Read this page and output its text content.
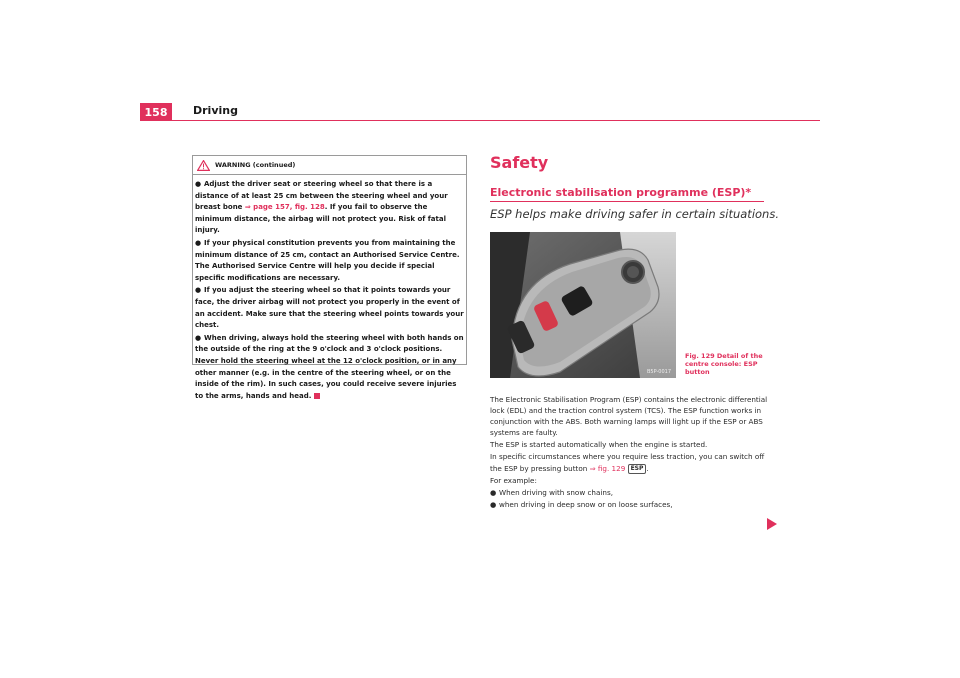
158	Driving
WARNING (continued)

● Adjust the driver seat or steering wheel so that there is a distance of at least 25 cm between the steering wheel and your breast bone ⇒ page 157, fig. 128. If you fail to observe the minimum distance, the airbag will not protect you. Risk of fatal injury.

● If your physical constitution prevents you from maintaining the minimum distance of 25 cm, contact an Authorised Service Centre. The Authorised Service Centre will help you decide if special specific modifications are necessary.

● If you adjust the steering wheel so that it points towards your face, the driver airbag will not protect you properly in the event of an accident. Make sure that the steering wheel points towards your chest.

● When driving, always hold the steering wheel with both hands on the outside of the ring at the 9 o'clock and 3 o'clock positions. Never hold the steering wheel at the 12 o'clock position, or in any other manner (e.g. in the centre of the steering wheel, or on the inside of the rim). In such cases, you could receive severe injuries to the arms, hands and head.

Safety
Electronic stabilisation programme (ESP)*
ESP helps make driving safer in certain situations.
B5P-0017
Fig. 129 Detail of the centre console: ESP button

The Electronic Stabilisation Program (ESP) contains the electronic differential lock (EDL) and the traction control system (TCS). The ESP function works in conjunction with the ABS. Both warning lamps will light up if the ESP or ABS systems are faulty.

The ESP is started automatically when the engine is started.

In specific circumstances where you require less traction, you can switch off the ESP by pressing button ⇒ fig. 129 ESP .

For example:

● When driving with snow chains,

● when driving in deep snow or on loose surfaces,
